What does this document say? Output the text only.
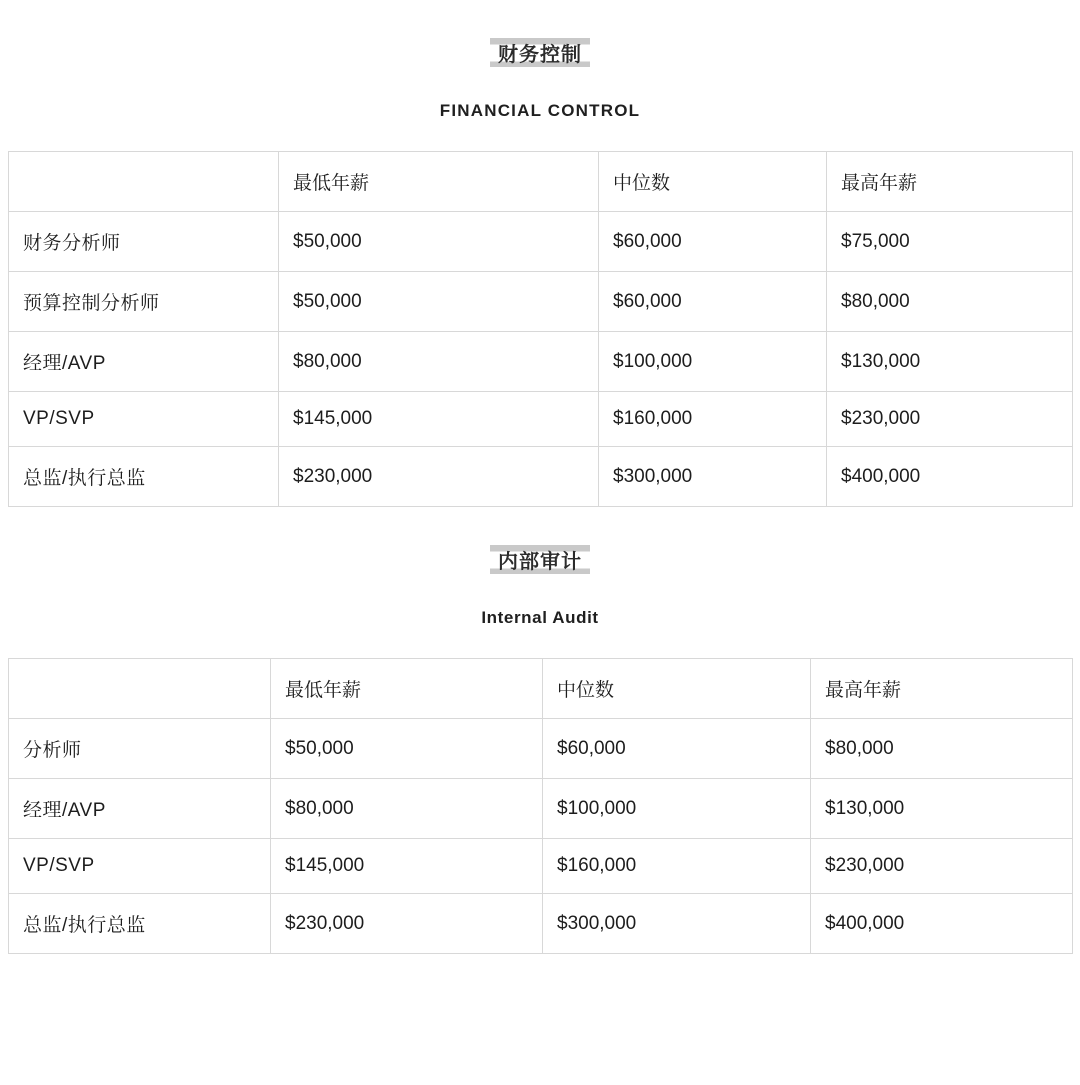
财务控制
FINANCIAL CONTROL
	最低年薪	中位数	最高年薪
财务分析师	$50,000	$60,000	$75,000
预算控制分析师	$50,000	$60,000	$80,000
经理/AVP	$80,000	$100,000	$130,000
VP/SVP	$145,000	$160,000	$230,000
总监/执行总监	$230,000	$300,000	$400,000
内部审计
Internal Audit
	最低年薪	中位数	最高年薪
分析师	$50,000	$60,000	$80,000
经理/AVP	$80,000	$100,000	$130,000
VP/SVP	$145,000	$160,000	$230,000
总监/执行总监	$230,000	$300,000	$400,000
